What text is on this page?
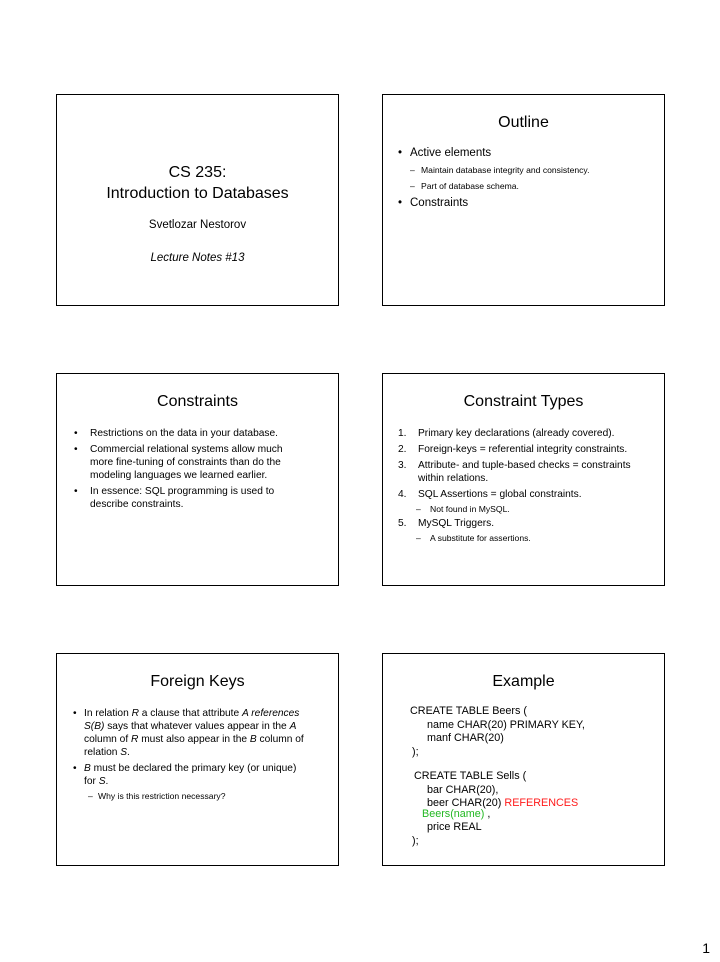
CS 235:
Introduction to Databases
Svetlozar Nestorov
Lecture Notes #13
Outline
• Active elements
– Maintain database integrity and consistency.
– Part of database schema.
• Constraints
Constraints
• Restrictions on the data in your database.
• Commercial relational systems allow much
more fine-tuning of constraints than do the
modeling languages we learned earlier.
• In essence: SQL programming is used to
describe constraints.
Constraint Types
1. Primary key declarations (already covered).
2. Foreign-keys = referential integrity constraints.
3. Attribute- and tuple-based checks = constraints
within relations.
4. SQL Assertions = global constraints.
– Not found in MySQL.
5. MySQL Triggers.
– A substitute for assertions.
Foreign Keys
• In relation R a clause that attribute A references
S(B) says that whatever values appear in the A
column of R must also appear in the B column of
relation S.
• B must be declared the primary key (or unique)
for S.
– Why is this restriction necessary?
Example
CREATE TABLE Beers (
name CHAR(20) PRIMARY KEY,
manf CHAR(20)
);
CREATE TABLE Sells (
bar CHAR(20),
beer CHAR(20) REFERENCES
Beers(name) ,
price REAL
);
1
